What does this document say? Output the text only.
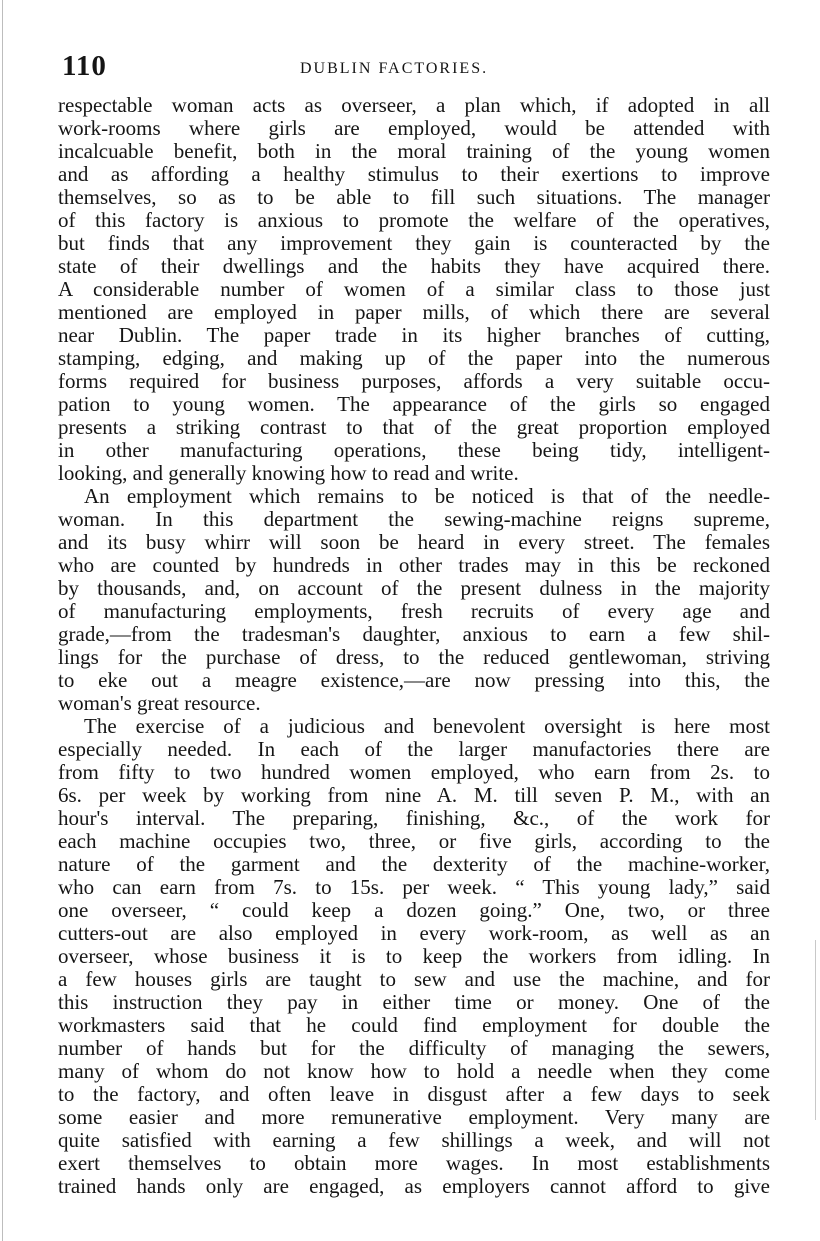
110	DUBLIN FACTORIES.
respectable woman acts as overseer, a plan which, if adopted in all
work-rooms where girls are employed, would be attended with
incalcuable benefit, both in the moral training of the young women
and as affording a healthy stimulus to their exertions to improve
themselves, so as to be able to fill such situations. The manager
of this factory is anxious to promote the welfare of the operatives,
but finds that any improvement they gain is counteracted by the
state of their dwellings and the habits they have acquired there.
A considerable number of women of a similar class to those just
mentioned are employed in paper mills, of which there are several
near Dublin. The paper trade in its higher branches of cutting,
stamping, edging, and making up of the paper into the numerous
forms required for business purposes, affords a very suitable occu-
pation to young women. The appearance of the girls so engaged
presents a striking contrast to that of the great proportion employed
in other manufacturing operations, these being tidy, intelligent-
looking, and generally knowing how to read and write.
An employment which remains to be noticed is that of the needle-
woman. In this department the sewing-machine reigns supreme,
and its busy whirr will soon be heard in every street. The females
who are counted by hundreds in other trades may in this be reckoned
by thousands, and, on account of the present dulness in the majority
of manufacturing employments, fresh recruits of every age and
grade,—from the tradesman's daughter, anxious to earn a few shil-
lings for the purchase of dress, to the reduced gentlewoman, striving
to eke out a meagre existence,—are now pressing into this, the
woman's great resource.
The exercise of a judicious and benevolent oversight is here most
especially needed. In each of the larger manufactories there are
from fifty to two hundred women employed, who earn from 2s. to
6s. per week by working from nine A. M. till seven P. M., with an
hour's interval. The preparing, finishing, &c., of the work for
each machine occupies two, three, or five girls, according to the
nature of the garment and the dexterity of the machine-worker,
who can earn from 7s. to 15s. per week. “ This young lady,” said
one overseer, “ could keep a dozen going.” One, two, or three
cutters-out are also employed in every work-room, as well as an
overseer, whose business it is to keep the workers from idling. In
a few houses girls are taught to sew and use the machine, and for
this instruction they pay in either time or money. One of the
workmasters said that he could find employment for double the
number of hands but for the difficulty of managing the sewers,
many of whom do not know how to hold a needle when they come
to the factory, and often leave in disgust after a few days to seek
some easier and more remunerative employment. Very many are
quite satisfied with earning a few shillings a week, and will not
exert themselves to obtain more wages. In most establishments
trained hands only are engaged, as employers cannot afford to give
